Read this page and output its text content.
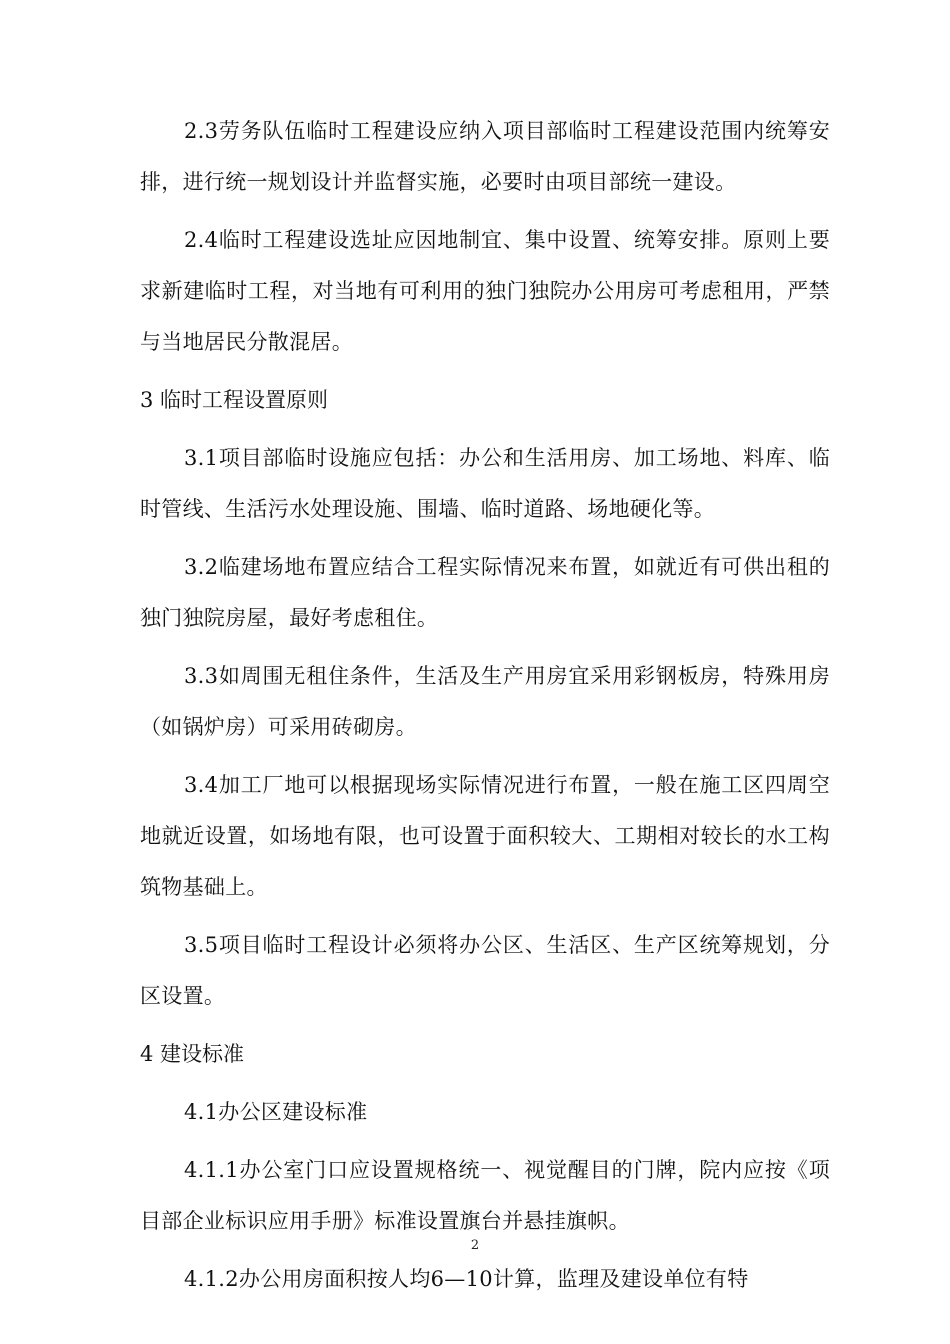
2.3劳务队伍临时工程建设应纳入项目部临时工程建设范围内统筹安排，进行统一规划设计并监督实施，必要时由项目部统一建设。

2.4临时工程建设选址应因地制宜、集中设置、统筹安排。原则上要求新建临时工程，对当地有可利用的独门独院办公用房可考虑租用，严禁与当地居民分散混居。

3 临时工程设置原则

3.1项目部临时设施应包括：办公和生活用房、加工场地、料库、临时管线、生活污水处理设施、围墙、临时道路、场地硬化等。

3.2临建场地布置应结合工程实际情况来布置，如就近有可供出租的独门独院房屋，最好考虑租住。

3.3如周围无租住条件，生活及生产用房宜采用彩钢板房，特殊用房（如锅炉房）可采用砖砌房。

3.4加工厂地可以根据现场实际情况进行布置，一般在施工区四周空地就近设置，如场地有限，也可设置于面积较大、工期相对较长的水工构筑物基础上。

3.5项目临时工程设计必须将办公区、生活区、生产区统筹规划，分区设置。

4 建设标准

4.1办公区建设标准

4.1.1办公室门口应设置规格统一、视觉醒目的门牌，院内应按《项目部企业标识应用手册》标准设置旗台并悬挂旗帜。

4.1.2办公用房面积按人均6—10计算，监理及建设单位有特

2
